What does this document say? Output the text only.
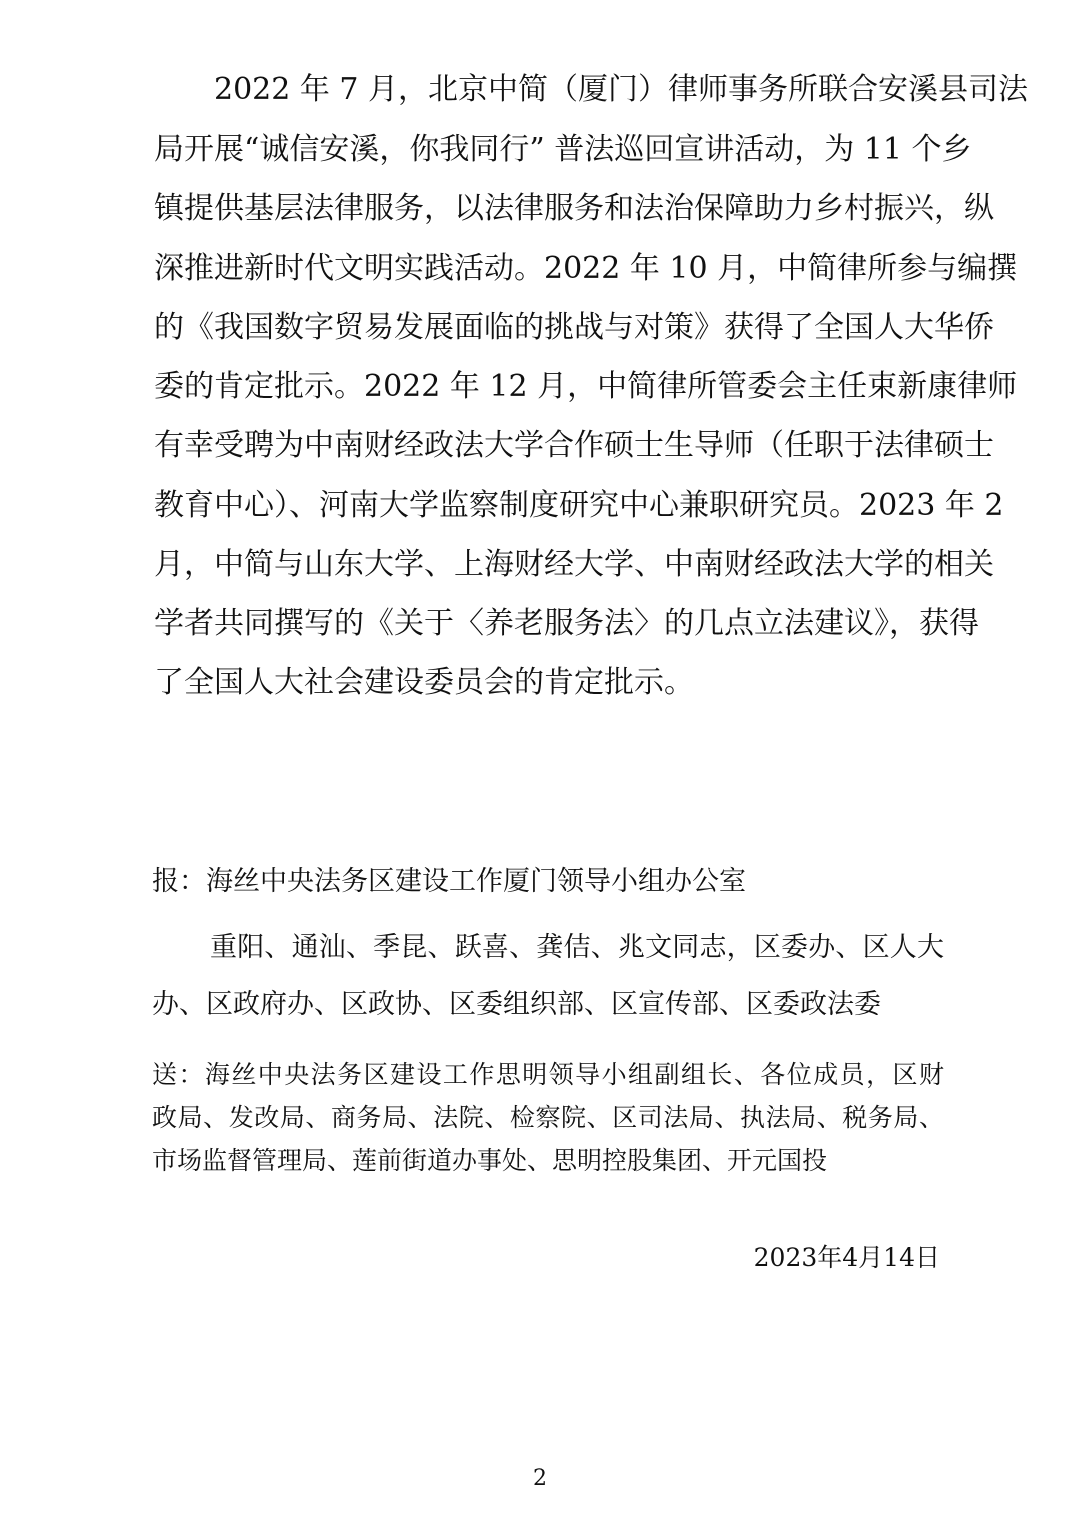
2022 年 7 月，北京中简（厦门）律师事务所联合安溪县司法
局开展“诚信安溪，你我同行” 普法巡回宣讲活动，为 11 个乡
镇提供基层法律服务，以法律服务和法治保障助力乡村振兴，纵
深推进新时代文明实践活动。2022 年 10 月，中简律所参与编撰
的《我国数字贸易发展面临的挑战与对策》获得了全国人大华侨
委的肯定批示。2022 年 12 月，中简律所管委会主任束新康律师
有幸受聘为中南财经政法大学合作硕士生导师（任职于法律硕士
教育中心）、河南大学监察制度研究中心兼职研究员。2023 年 2
月，中简与山东大学、上海财经大学、中南财经政法大学的相关
学者共同撰写的《关于〈养老服务法〉的几点立法建议》，获得
了全国人大社会建设委员会的肯定批示。
报：海丝中央法务区建设工作厦门领导小组办公室
重阳、通汕、季昆、跃喜、龚佶、兆文同志，区委办、区人大
办、区政府办、区政协、区委组织部、区宣传部、区委政法委
送：海丝中央法务区建设工作思明领导小组副组长、各位成员，区财
政局、发改局、商务局、法院、检察院、区司法局、执法局、税务局、
市场监督管理局、莲前街道办事处、思明控股集团、开元国投
2023年4月14日
2
